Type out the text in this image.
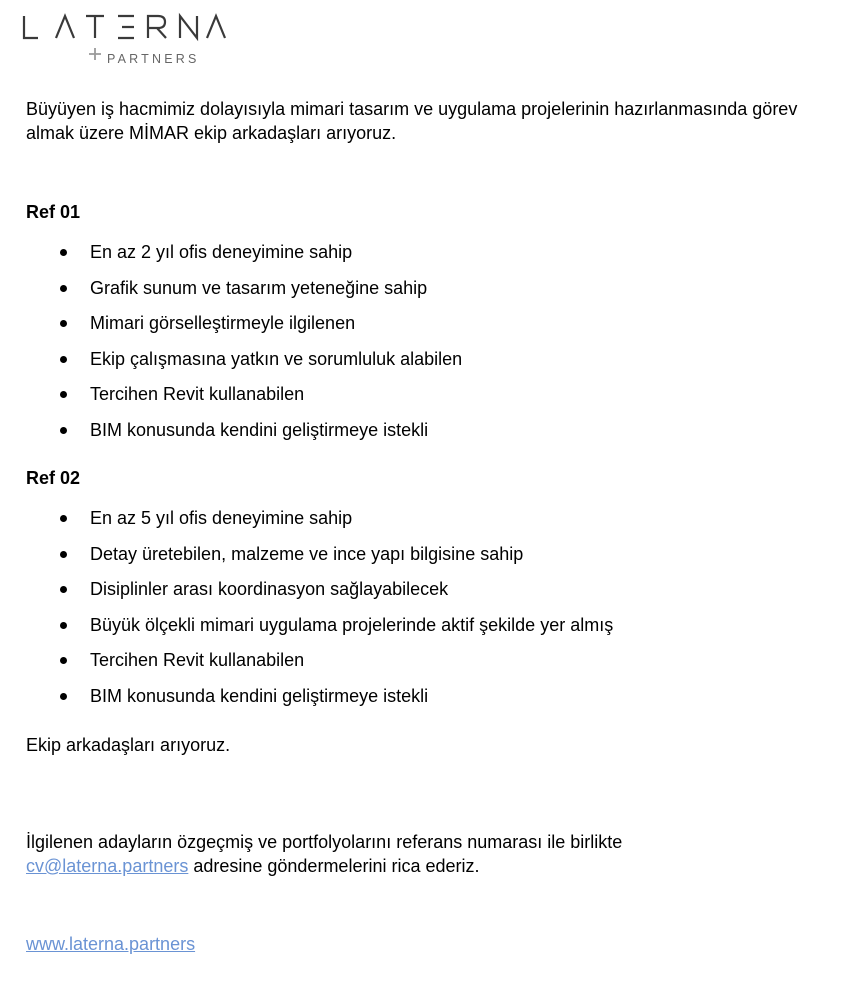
PARTNERS

Büyüyen iş hacmimiz dolayısıyla mimari tasarım ve uygulama projelerinin hazırlanmasında görev almak üzere MİMAR ekip arkadaşları arıyoruz.

Ref 01
En az 2 yıl ofis deneyimine sahip
Grafik sunum ve tasarım yeteneğine sahip
Mimari görselleştirmeyle ilgilenen
Ekip çalışmasına yatkın ve sorumluluk alabilen
Tercihen Revit kullanabilen
BIM konusunda kendini geliştirmeye istekli
Ref 02
En az 5 yıl ofis deneyimine sahip
Detay üretebilen, malzeme ve ince yapı bilgisine sahip
Disiplinler arası koordinasyon sağlayabilecek
Büyük ölçekli mimari uygulama projelerinde aktif şekilde yer almış
Tercihen Revit kullanabilen
BIM konusunda kendini geliştirmeye istekli

Ekip arkadaşları arıyoruz.

İlgilenen adayların özgeçmiş ve portfolyolarını referans numarası ile birlikte
cv@laterna.partners adresine göndermelerini rica ederiz.

www.laterna.partners
